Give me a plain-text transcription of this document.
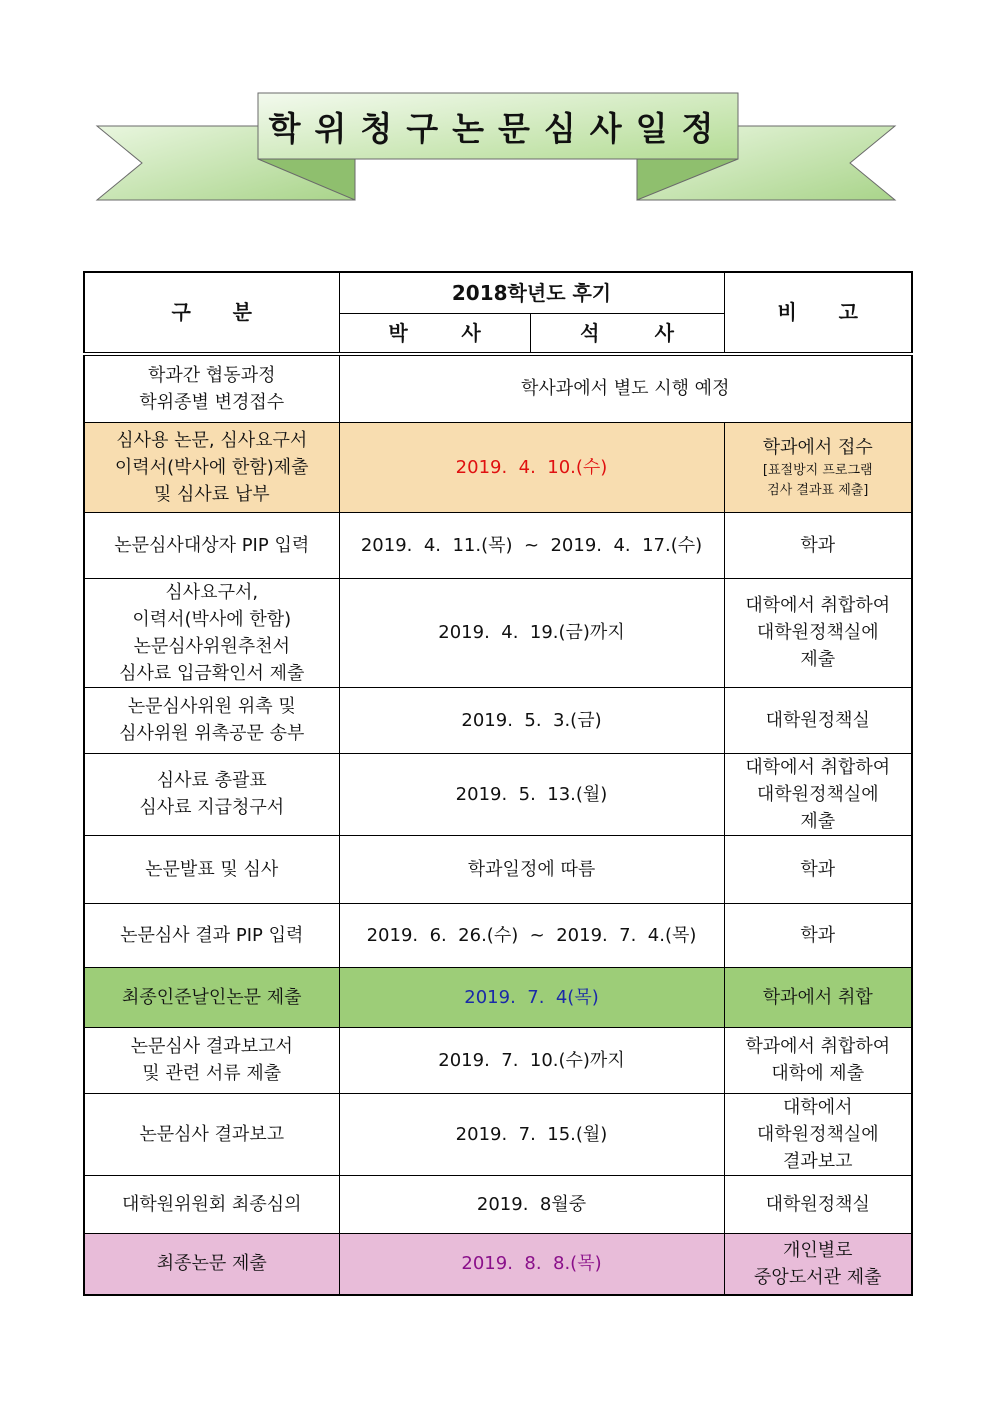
학위청구논문심사일정
구      분	2018학년도 후기		비      고

	박 사	석 사	

학과간 협동과정
학위종별 변경접수	학사과에서 별도 시행 예정		
심사용 논문, 심사요구서
이력서(박사에 한함)제출
및 심사료 납부	2019.  4.  10.(수)		학과에서 접수
[표절방지 프로그램
검사 결과표 제출]

논문심사대상자 PIP 입력	2019.  4.  11.(목)  ~  2019.  4.  17.(수)		학과
심사요구서,
이력서(박사에 한함)
논문심사위원추천서
심사료 입금확인서 제출	2019.  4.  19.(금)까지		대학에서 취합하여
대학원정책실에
제출
논문심사위원 위촉 및
심사위원 위촉공문 송부	2019.  5.  3.(금)		대학원정책실
심사료 총괄표
심사료 지급청구서	2019.  5.  13.(월)		대학에서 취합하여
대학원정책실에
제출
논문발표 및 심사	학과일정에 따름		학과
논문심사 결과 PIP 입력	2019.  6.  26.(수)  ~  2019.  7.  4.(목)		학과
최종인준날인논문 제출	2019.  7.  4(목)		학과에서 취합
논문심사 결과보고서
및 관련 서류 제출	2019.  7.  10.(수)까지		학과에서 취합하여
대학에 제출
논문심사 결과보고	2019.  7.  15.(월)		대학에서
대학원정책실에
결과보고
대학원위원회 최종심의	2019.  8월중		대학원정책실
최종논문 제출	2019.  8.  8.(목)		개인별로
중앙도서관 제출
